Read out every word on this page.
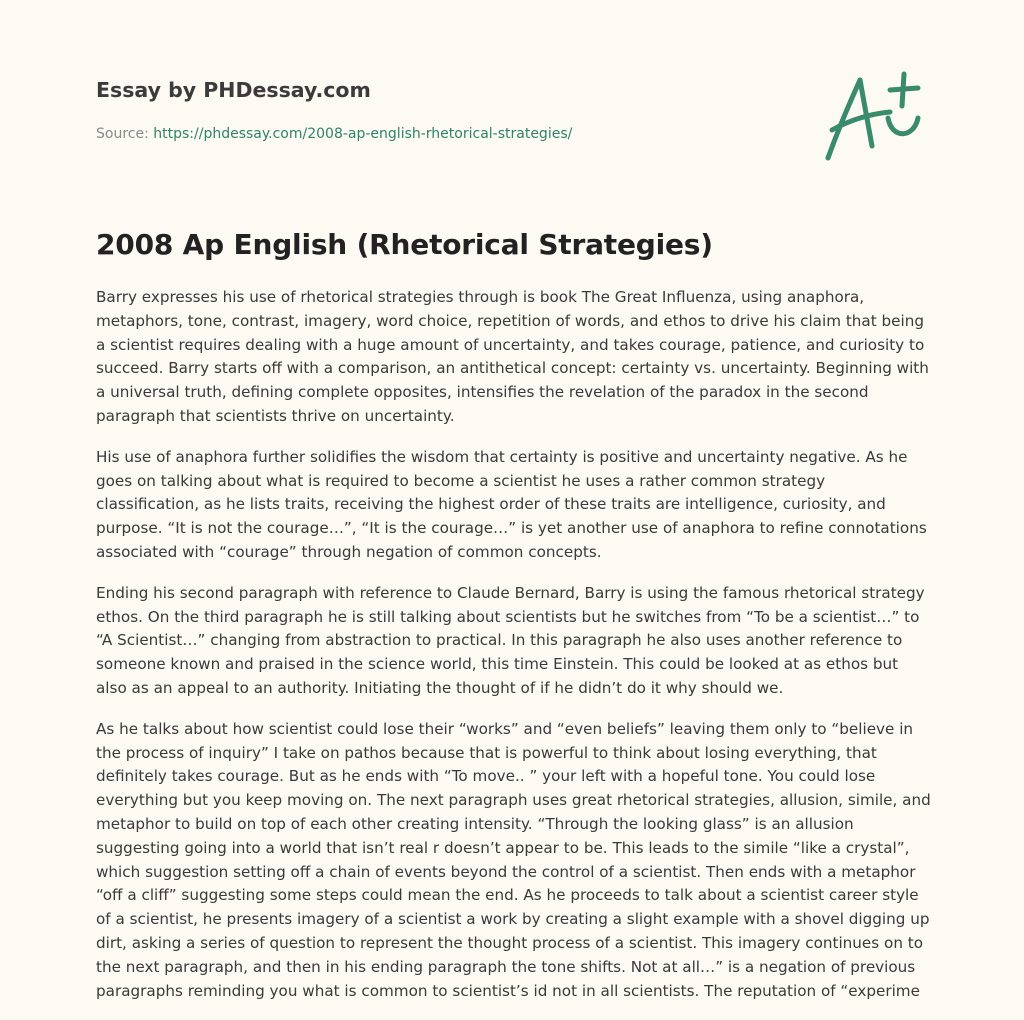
Essay by PHDessay.com
Source: https://phdessay.com/2008-ap-english-rhetorical-strategies/
2008 Ap English (Rhetorical Strategies)

Barry expresses his use of rhetorical strategies through is book The Great Influenza, using anaphora, metaphors, tone, contrast, imagery, word choice, repetition of words, and ethos to drive his claim that being a scientist requires dealing with a huge amount of uncertainty, and takes courage, patience, and curiosity to succeed. Barry starts off with a comparison, an antithetical concept: certainty vs. uncertainty. Beginning with a universal truth, defining complete opposites, intensifies the revelation of the paradox in the second paragraph that scientists thrive on uncertainty.

His use of anaphora further solidifies the wisdom that certainty is positive and uncertainty negative. As he goes on talking about what is required to become a scientist he uses a rather common strategy classification, as he lists traits, receiving the highest order of these traits are intelligence, curiosity, and purpose. “It is not the courage…”, “It is the courage…” is yet another use of anaphora to refine connotations associated with “courage” through negation of common concepts.

Ending his second paragraph with reference to Claude Bernard, Barry is using the famous rhetorical strategy ethos. On the third paragraph he is still talking about scientists but he switches from “To be a scientist…” to “A Scientist…” changing from abstraction to practical. In this paragraph he also uses another reference to someone known and praised in the science world, this time Einstein. This could be looked at as ethos but also as an appeal to an authority. Initiating the thought of if he didn’t do it why should we.

As he talks about how scientist could lose their “works” and “even beliefs” leaving them only to “believe in the process of inquiry” I take on pathos because that is powerful to think about losing everything, that definitely takes courage. But as he ends with “To move.. ” your left with a hopeful tone. You could lose everything but you keep moving on. The next paragraph uses great rhetorical strategies, allusion, simile, and metaphor to build on top of each other creating intensity. “Through the looking glass” is an allusion suggesting going into a world that isn’t real r doesn’t appear to be. This leads to the simile “like a crystal”, which suggestion setting off a chain of events beyond the control of a scientist. Then ends with a metaphor “off a cliff” suggesting some steps could mean the end. As he proceeds to talk about a scientist career style of a scientist, he presents imagery of a scientist a work by creating a slight example with a shovel digging up dirt, asking a series of question to represent the thought process of a scientist. This imagery continues on to the next paragraph, and then in his ending paragraph the tone shifts. Not at all…” is a negation of previous paragraphs reminding you what is common to scientist’s id not in all scientists. The reputation of “experime
